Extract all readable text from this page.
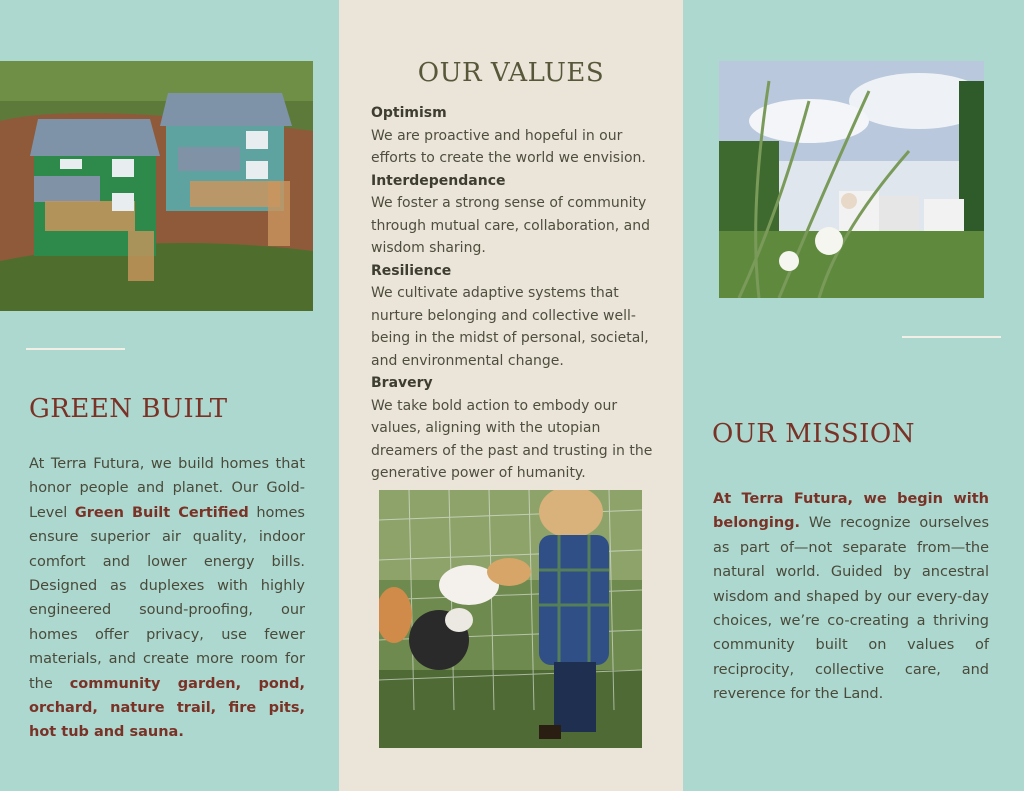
GREEN BUILT

At Terra Futura, we build homes that honor people and planet. Our Gold-Level Green Built Certified homes ensure superior air quality, indoor comfort and lower energy bills. Designed as duplexes with highly engineered sound-proofing, our homes offer privacy, use fewer materials, and create more room for the community garden, pond, orchard, nature trail, fire pits, hot tub and sauna.

OUR VALUES
Optimism
We are proactive and hopeful in our efforts to create the world we envision.
Interdependance
We foster a strong sense of community through mutual care, collaboration, and wisdom sharing.
Resilience
We cultivate adaptive systems that nurture belonging and collective well-being in the midst of personal, societal, and environmental change.
Bravery
We take bold action to embody our values, aligning with the utopian dreamers of the past and trusting in the generative power of humanity.
OUR MISSION

At Terra Futura, we begin with belonging. We recognize ourselves as part of—not separate from—the natural world. Guided by ancestral wisdom and shaped by our every-day choices, we’re co-creating a thriving community built on values of reciprocity, collective care, and reverence for the Land.
